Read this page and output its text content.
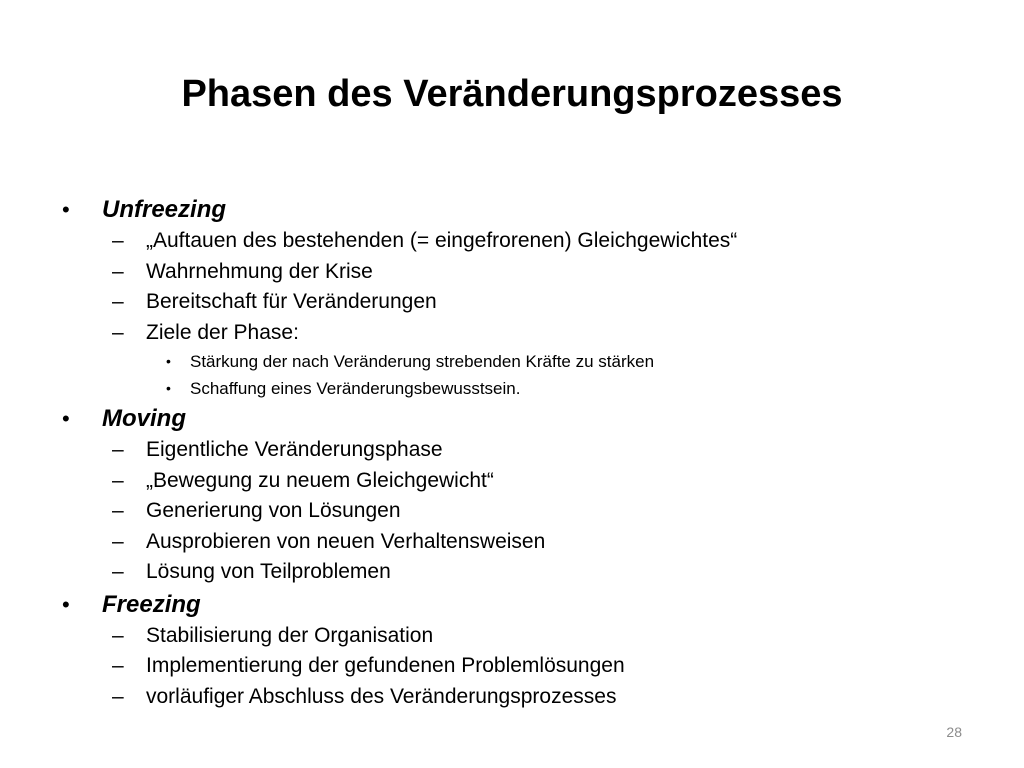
Phasen des Veränderungsprozesses
• Unfreezing
– „Auftauen des bestehenden (= eingefrorenen) Gleichgewichtes“
– Wahrnehmung der Krise
– Bereitschaft für Veränderungen
– Ziele der Phase:
• Stärkung der nach Veränderung strebenden Kräfte zu stärken
• Schaffung eines Veränderungsbewusstsein.
• Moving
– Eigentliche Veränderungsphase
– „Bewegung zu neuem Gleichgewicht“
– Generierung von Lösungen
– Ausprobieren von neuen Verhaltensweisen
– Lösung von Teilproblemen
• Freezing
– Stabilisierung der Organisation
– Implementierung der gefundenen Problemlösungen
– vorläufiger Abschluss des Veränderungsprozesses
28
